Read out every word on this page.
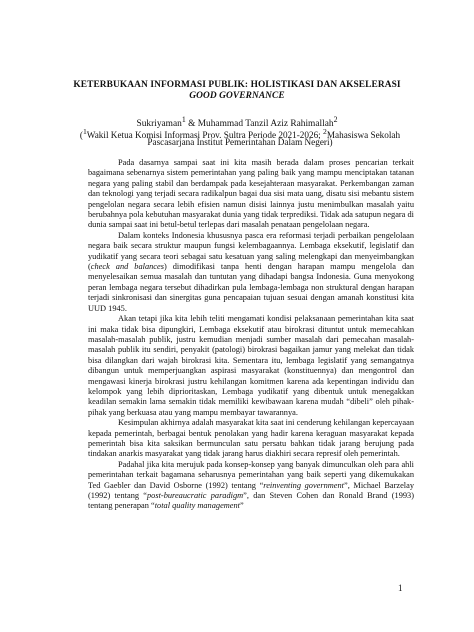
KETERBUKAAN INFORMASI PUBLIK: HOLISTIKASI DAN AKSELERASI
GOOD GOVERNANCE
Sukriyaman$^1$ & Muhammad Tanzil Aziz Rahimallah$^2$
($^1$Wakil Ketua Komisi Informasi Prov. Sultra Periode 2021-2026; $^2$Mahasiswa Sekolah
Pascasarjana Institut Pemerintahan Dalam Negeri)

Pada dasarnya sampai saat ini kita masih berada dalam proses pencarian terkait bagaimana sebenarnya sistem pemerintahan yang paling baik yang mampu menciptakan tatanan negara yang paling stabil dan berdampak pada kesejahteraan masyarakat. Perkembangan zaman dan teknologi yang terjadi secara radikalpun bagai dua sisi mata uang, disatu sisi mebantu sistem pengelolan negara secara lebih efisien namun disisi lainnya justu menimbulkan masalah yaitu berubahnya pola kebutuhan masyarakat dunia yang tidak terprediksi. Tidak ada satupun negara di dunia sampai saat ini betul-betul terlepas dari masalah penataan pengelolaan negara.

Dalam konteks Indonesia khususnya pasca era reformasi terjadi perbaikan pengelolaan negara baik secara struktur maupun fungsi kelembagaannya. Lembaga eksekutif, legislatif dan yudikatif yang secara teori sebagai satu kesatuan yang saling melengkapi dan menyeimbangkan (check and balances) dimodifikasi tanpa henti dengan harapan mampu mengelola dan menyelesaikan semua masalah dan tuntutan yang dihadapi bangsa Indonesia. Guna menyokong peran lembaga negara tersebut dihadirkan pula lembaga-lembaga non struktural dengan harapan terjadi sinkronisasi dan sinergitas guna pencapaian tujuan sesuai dengan amanah konstitusi kita UUD 1945.

Akan tetapi jika kita lebih teliti mengamati kondisi pelaksanaan pemerintahan kita saat ini maka tidak bisa dipungkiri, Lembaga eksekutif atau birokrasi dituntut untuk memecahkan masalah-masalah publik, justru kemudian menjadi sumber masalah dari pemecahan masalah-masalah publik itu sendiri, penyakit (patologi) birokrasi bagaikan jamur yang melekat dan tidak bisa dilangkan dari wajah birokrasi kita. Sementara itu, lembaga legislatif yang semangatnya dibangun untuk memperjuangkan aspirasi masyarakat (konstituennya) dan mengontrol dan mengawasi kinerja birokrasi justru kehilangan komitmen karena ada kepentingan individu dan kelompok yang lebih diprioritaskan, Lembaga yudikatif yang dibentuk untuk menegakkan keadilan semakin lama semakin tidak memiliki kewibawaan karena mudah “dibeli” oleh pihak-pihak yang berkuasa atau yang mampu membayar tawarannya.

Kesimpulan akhirnya adalah masyarakat kita saat ini cenderung kehilangan kepercayaan kepada pemerintah, berbagai bentuk penolakan yang hadir karena keraguan masyarakat kepada pemerintah bisa kita saksikan bermunculan satu persatu bahkan tidak jarang berujung pada tindakan anarkis masyarakat yang tidak jarang harus diakhiri secara represif oleh pemerintah.

Padahal jika kita merujuk pada konsep-konsep yang banyak dimunculkan oleh para ahli pemerintahan terkait bagamana seharusnya pemerintahan yang baik seperti yang dikemukakan Ted Gaebler dan David Osborne (1992) tentang “reinventing government”, Michael Barzelay (1992) tentang “post-bureaucratic paradigm”, dan Steven Cohen dan Ronald Brand (1993) tentang penerapan “total quality management”

1
